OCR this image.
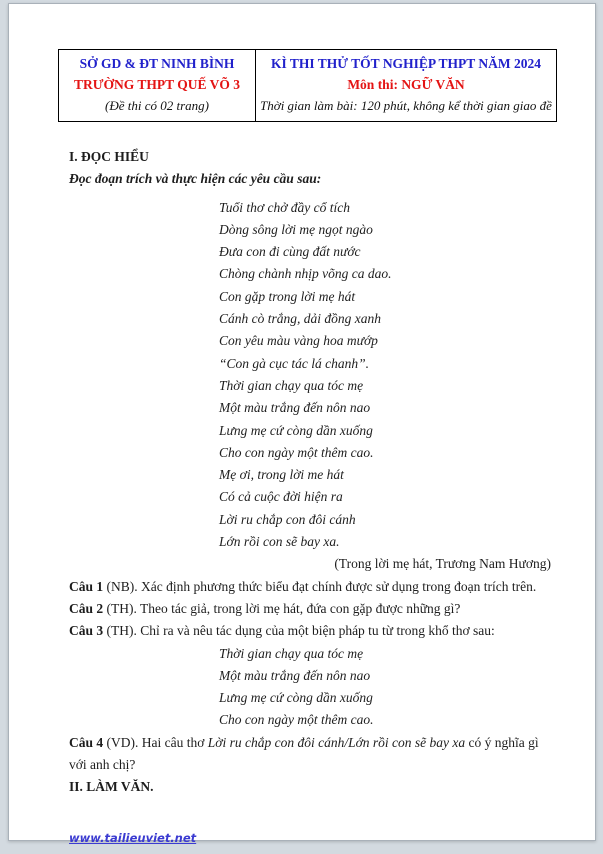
SỞ GD & ĐT NINH BÌNH
TRƯỜNG THPT QUẾ VÕ 3
(Đề thi có 02 trang)

KÌ THI THỬ TỐT NGHIỆP THPT NĂM 2024
Môn thi: NGỮ VĂN
Thời gian làm bài: 120 phút, không kể thời gian giao đề
I. ĐỌC HIỂU
Đọc đoạn trích và thực hiện các yêu cầu sau:
Tuổi thơ chở đầy cổ tích
Dòng sông lời mẹ ngọt ngào
Đưa con đi cùng đất nước
Chòng chành nhịp võng ca dao.
Con gặp trong lời mẹ hát
Cánh cò trắng, dải đồng xanh
Con yêu màu vàng hoa mướp
“Con gà cục tác lá chanh”.
Thời gian chạy qua tóc mẹ
Một màu trắng đến nôn nao
Lưng mẹ cứ còng dần xuống
Cho con ngày một thêm cao.
Mẹ ơi, trong lời me hát
Có cả cuộc đời hiện ra
Lời ru chắp con đôi cánh
Lớn rồi con sẽ bay xa.
(Trong lời mẹ hát, Trương Nam Hương)
Câu 1 (NB). Xác định phương thức biểu đạt chính được sử dụng trong đoạn trích trên.
Câu 2 (TH). Theo tác giả, trong lời mẹ hát, đứa con gặp được những gì?
Câu 3 (TH). Chỉ ra và nêu tác dụng của một biện pháp tu từ trong khổ thơ sau:
Thời gian chạy qua tóc mẹ
Một màu trắng đến nôn nao
Lưng mẹ cứ còng dần xuống
Cho con ngày một thêm cao.
Câu 4 (VD). Hai câu thơ Lời ru chắp con đôi cánh/Lớn rồi con sẽ bay xa có ý nghĩa gì với anh chị?
II. LÀM VĂN.
www.tailieuviet.net
